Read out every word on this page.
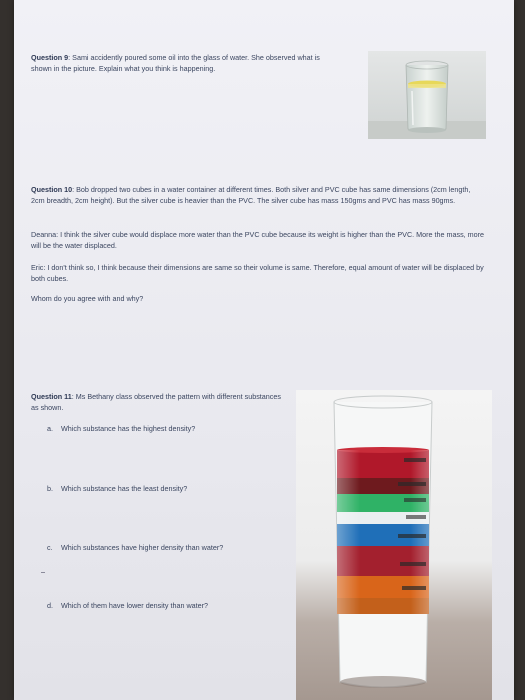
Question 9: Sami accidently poured some oil into the glass of water. She observed what is shown in the picture. Explain what you think is happening.
Question 10: Bob dropped two cubes in a water container at different times. Both silver and PVC cube has same dimensions (2cm length, 2cm breadth, 2cm height). But the silver cube is heavier than the PVC. The silver cube has mass 150gms and PVC has mass 90gms.
Deanna: I think the silver cube would displace more water than the PVC cube because its weight is higher than the PVC. More the mass, more will be the water displaced.
Eric: I don't think so, I think because their dimensions are same so their volume is same. Therefore, equal amount of water will be displaced by both cubes.
Whom do you agree with and why?
Question 11: Ms Bethany class observed the pattern with different substances as shown.
a. Which substance has the highest density?
b. Which substance has the least density?
c. Which substances have higher density than water?
d. Which of them have lower density than water?
